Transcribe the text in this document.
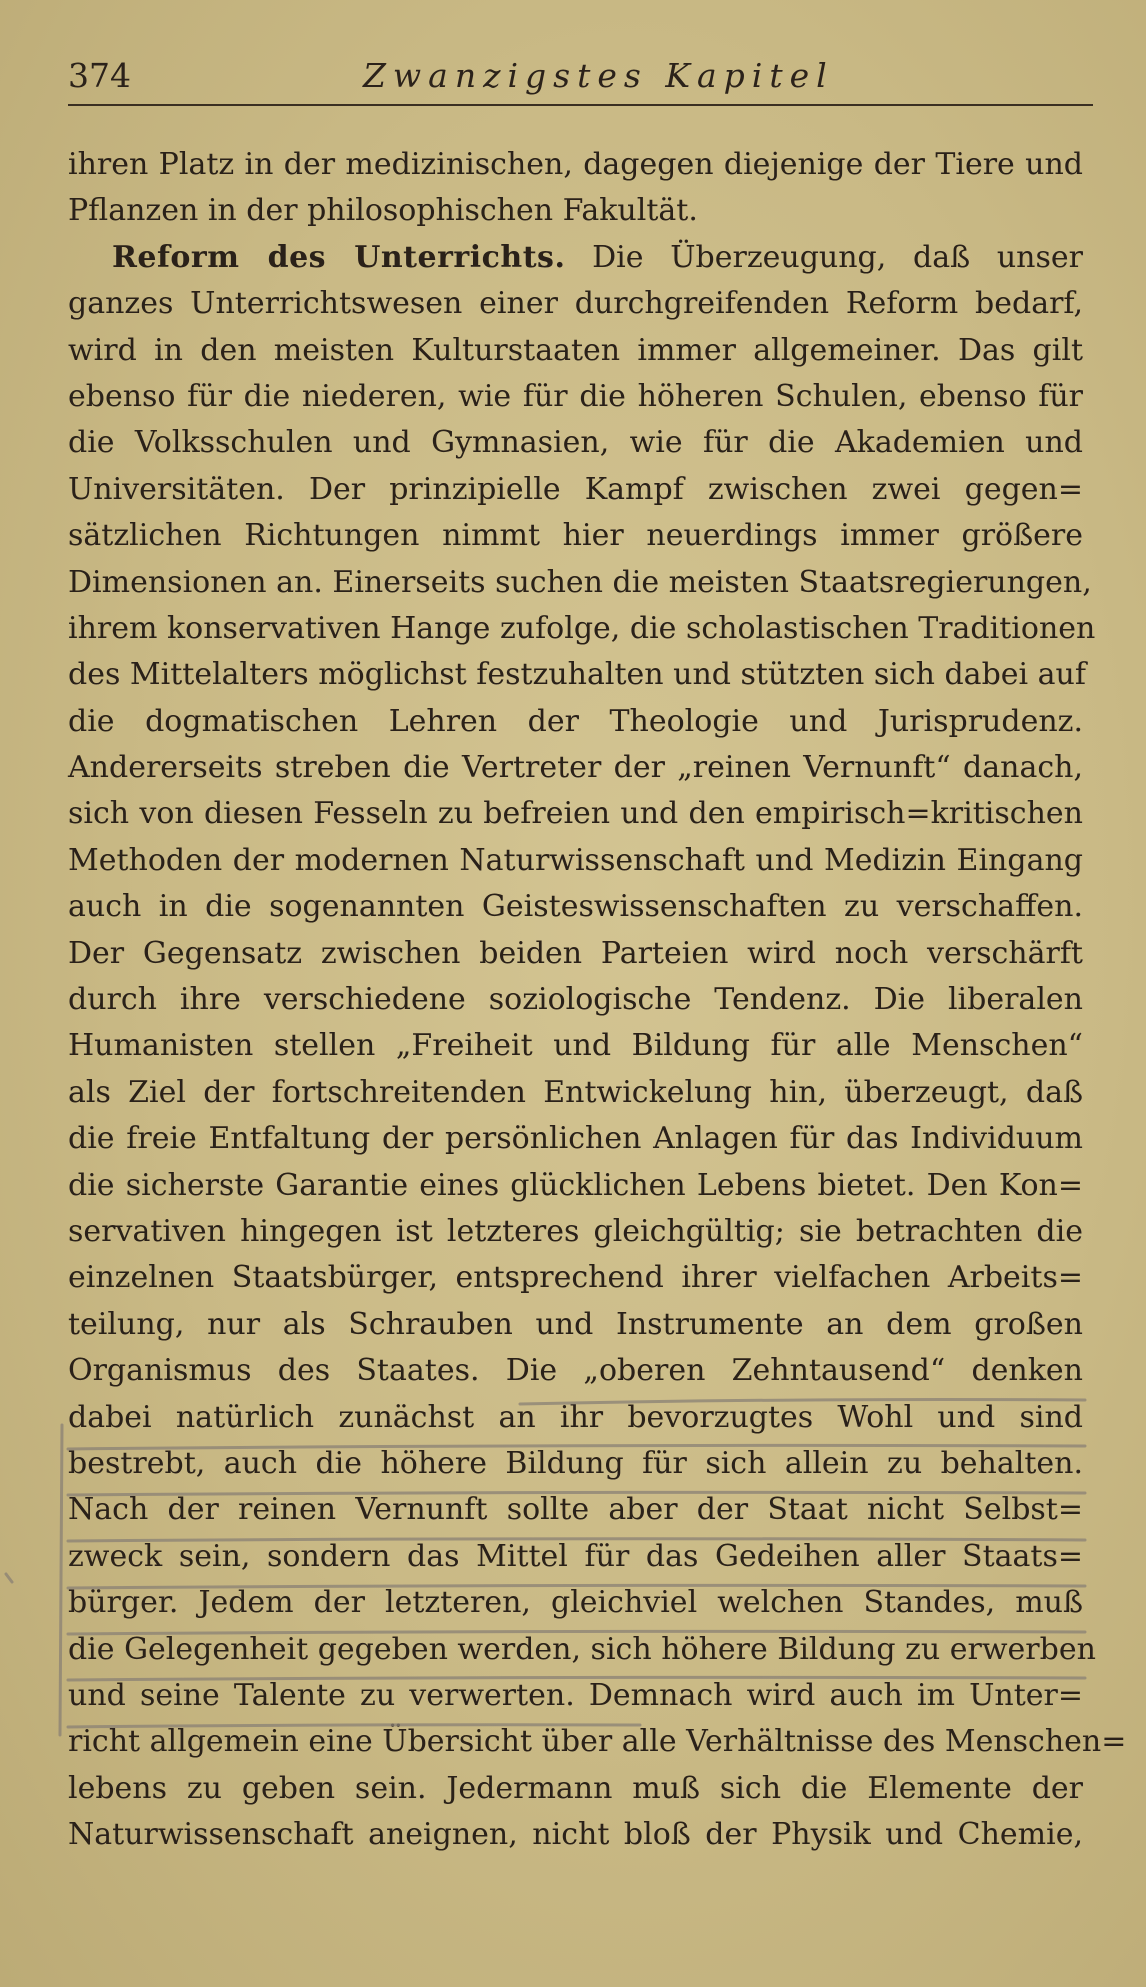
374	Zwanzigstes Kapitel
ihren Platz in der medizinischen, dagegen diejenige der Tiere und
Pflanzen in der philosophischen Fakultät.
Reform des Unterrichts. Die Überzeugung, daß unser
ganzes Unterrichtswesen einer durchgreifenden Reform bedarf,
wird in den meisten Kulturstaaten immer allgemeiner. Das gilt
ebenso für die niederen, wie für die höheren Schulen, ebenso für
die Volksschulen und Gymnasien, wie für die Akademien und
Universitäten. Der prinzipielle Kampf zwischen zwei gegen=
sätzlichen Richtungen nimmt hier neuerdings immer größere
Dimensionen an. Einerseits suchen die meisten Staatsregierungen,
ihrem konservativen Hange zufolge, die scholastischen Traditionen
des Mittelalters möglichst festzuhalten und stützten sich dabei auf
die dogmatischen Lehren der Theologie und Jurisprudenz.
Andererseits streben die Vertreter der „reinen Vernunft“ danach,
sich von diesen Fesseln zu befreien und den empirisch=kritischen
Methoden der modernen Naturwissenschaft und Medizin Eingang
auch in die sogenannten Geisteswissenschaften zu verschaffen.
Der Gegensatz zwischen beiden Parteien wird noch verschärft
durch ihre verschiedene soziologische Tendenz. Die liberalen
Humanisten stellen „Freiheit und Bildung für alle Menschen“
als Ziel der fortschreitenden Entwickelung hin, überzeugt, daß
die freie Entfaltung der persönlichen Anlagen für das Individuum
die sicherste Garantie eines glücklichen Lebens bietet. Den Kon=
servativen hingegen ist letzteres gleichgültig; sie betrachten die
einzelnen Staatsbürger, entsprechend ihrer vielfachen Arbeits=
teilung, nur als Schrauben und Instrumente an dem großen
Organismus des Staates. Die „oberen Zehntausend“ denken
dabei natürlich zunächst an ihr bevorzugtes Wohl und sind
bestrebt, auch die höhere Bildung für sich allein zu behalten.
Nach der reinen Vernunft sollte aber der Staat nicht Selbst=
zweck sein, sondern das Mittel für das Gedeihen aller Staats=
bürger. Jedem der letzteren, gleichviel welchen Standes, muß
die Gelegenheit gegeben werden, sich höhere Bildung zu erwerben
und seine Talente zu verwerten. Demnach wird auch im Unter=
richt allgemein eine Übersicht über alle Verhältnisse des Menschen=
lebens zu geben sein. Jedermann muß sich die Elemente der
Naturwissenschaft aneignen, nicht bloß der Physik und Chemie,
